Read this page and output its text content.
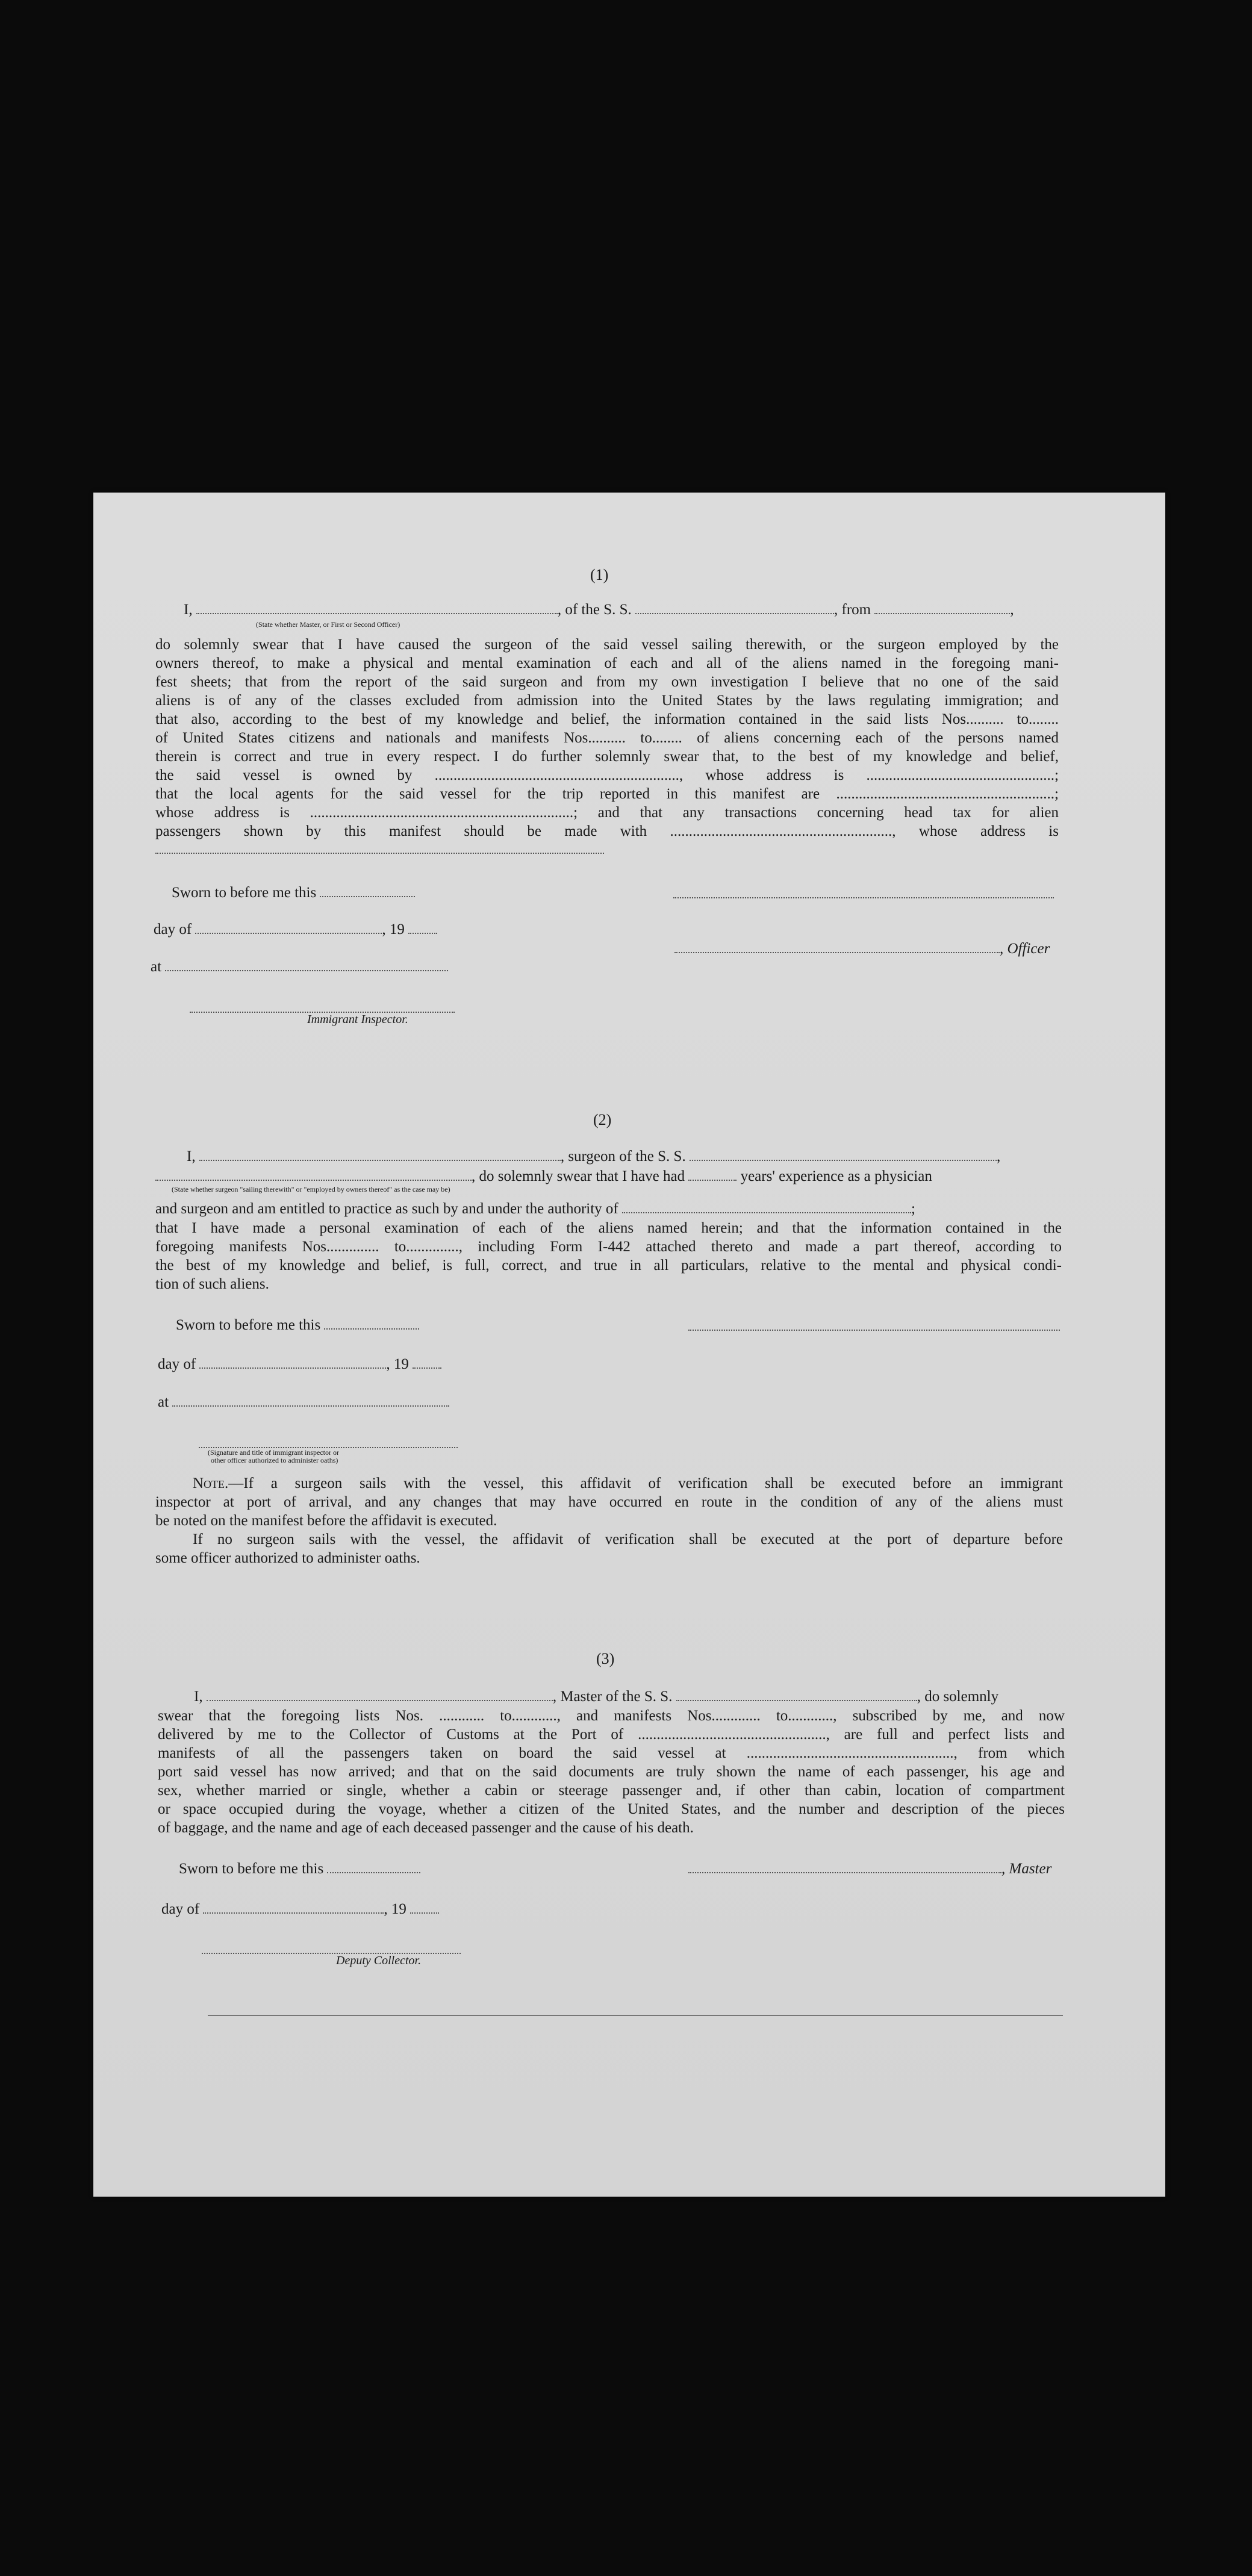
(1)
I,	, of the S. S.	, from	,
(State whether Master, or First or Second Officer)
do solemnly swear that I have caused the surgeon of the said vessel sailing therewith, or the surgeon employed by the
owners thereof, to make a physical and mental examination of each and all of the aliens named in the foregoing mani-
fest sheets; that from the report of the said surgeon and from my own investigation I believe that no one of the said
aliens is of any of the classes excluded from admission into the United States by the laws regulating immigration; and
that also, according to the best of my knowledge and belief, the information contained in the said lists Nos.......... to........
of United States citizens and nationals and manifests Nos.......... to........ of aliens concerning each of the persons named
therein is correct and true in every respect. I do further solemnly swear that, to the best of my knowledge and belief,
the said vessel is owned by ................................................................., whose address is ..................................................;
that the local agents for the said vessel for the trip reported in this manifest are ..........................................................;
whose address is ......................................................................; and that any transactions concerning head tax for alien
passengers shown by this manifest should be made with ..........................................................., whose address is
Sworn to before me this
day of	, 19
, Officer
at
Immigrant Inspector.
(2)
I,	, surgeon of the S. S.	,
, do solemnly swear that I have had	years' experience as a physician
(State whether surgeon "sailing therewith" or "employed by owners thereof" as the case may be)
and surgeon and am entitled to practice as such by and under the authority of	;
that I have made a personal examination of each of the aliens named herein; and that the information contained in the
foregoing manifests Nos.............. to.............., including Form I-442 attached thereto and made a part thereof, according to
the best of my knowledge and belief, is full, correct, and true in all particulars, relative to the mental and physical condi-
tion of such aliens.
Sworn to before me this
day of	, 19
at
(Signature and title of immigrant inspector or
other officer authorized to administer oaths)
Note.—If a surgeon sails with the vessel, this affidavit of verification shall be executed before an immigrant
inspector at port of arrival, and any changes that may have occurred en route in the condition of any of the aliens must
be noted on the manifest before the affidavit is executed.
If no surgeon sails with the vessel, the affidavit of verification shall be executed at the port of departure before
some officer authorized to administer oaths.
(3)
I,	, Master of the S. S.	, do solemnly
swear that the foregoing lists Nos. ............ to............, and manifests Nos............. to............, subscribed by me, and now
delivered by me to the Collector of Customs at the Port of .................................................., are full and perfect lists and
manifests of all the passengers taken on board the said vessel at ......................................................., from which
port said vessel has now arrived; and that on the said documents are truly shown the name of each passenger, his age and
sex, whether married or single, whether a cabin or steerage passenger and, if other than cabin, location of compartment
or space occupied during the voyage, whether a citizen of the United States, and the number and description of the pieces
of baggage, and the name and age of each deceased passenger and the cause of his death.
Sworn to before me this	, Master
day of	, 19
Deputy Collector.
